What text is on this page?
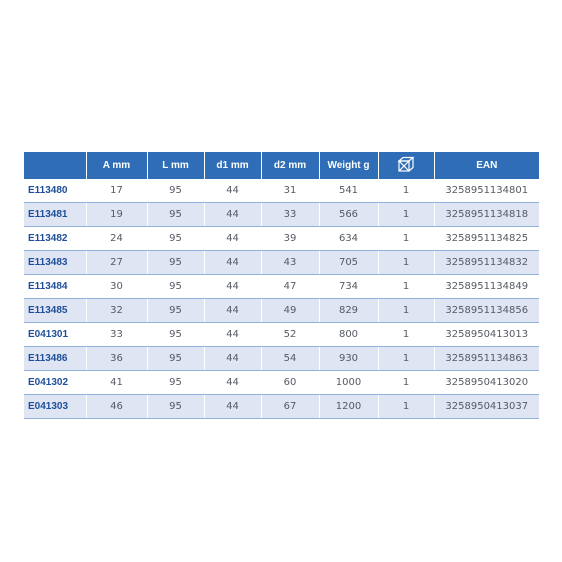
	A mm	L mm	d1 mm	d2 mm	Weight g		EAN
E113480	17	95	44	31	541	1	3258951134801
E113481	19	95	44	33	566	1	3258951134818
E113482	24	95	44	39	634	1	3258951134825
E113483	27	95	44	43	705	1	3258951134832
E113484	30	95	44	47	734	1	3258951134849
E113485	32	95	44	49	829	1	3258951134856
E041301	33	95	44	52	800	1	3258950413013
E113486	36	95	44	54	930	1	3258951134863
E041302	41	95	44	60	1000	1	3258950413020
E041303	46	95	44	67	1200	1	3258950413037
